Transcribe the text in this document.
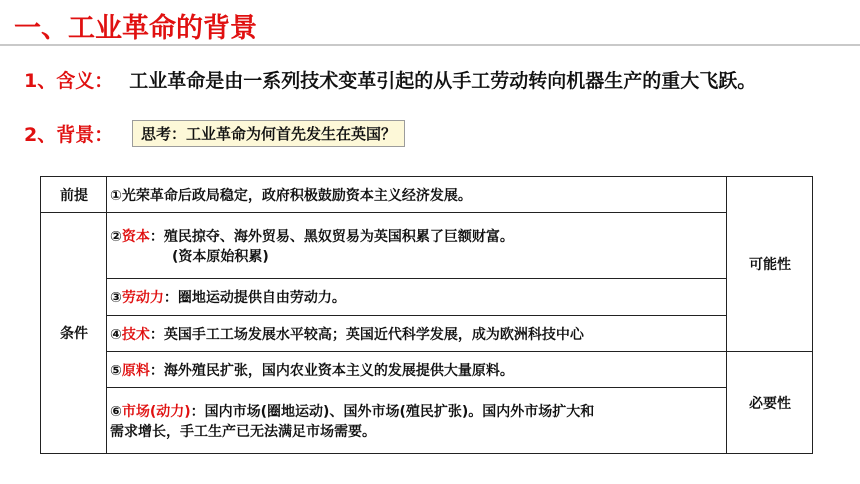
一、工业革命的背景
1、含义： 工业革命是由一系列技术变革引起的从手工劳动转向机器生产的重大飞跃。
2、背景：	思考：工业革命为何首先发生在英国？
前提	①光荣革命后政局稳定，政府积极鼓励资本主义经济发展。	可能性
条件	②资本：殖民掠夺、海外贸易、黑奴贸易为英国积累了巨额财富。
(资本原始积累)	
	③劳动力：圈地运动提供自由劳动力。	
	④技术：英国手工工场发展水平较高；英国近代科学发展，成为欧洲科技中心	
	⑤原料：海外殖民扩张，国内农业资本主义的发展提供大量原料。	必要性
	⑥市场(动力)：国内市场(圈地运动)、国外市场(殖民扩张)。国内外市场扩大和
需求增长，手工生产已无法满足市场需要。	
